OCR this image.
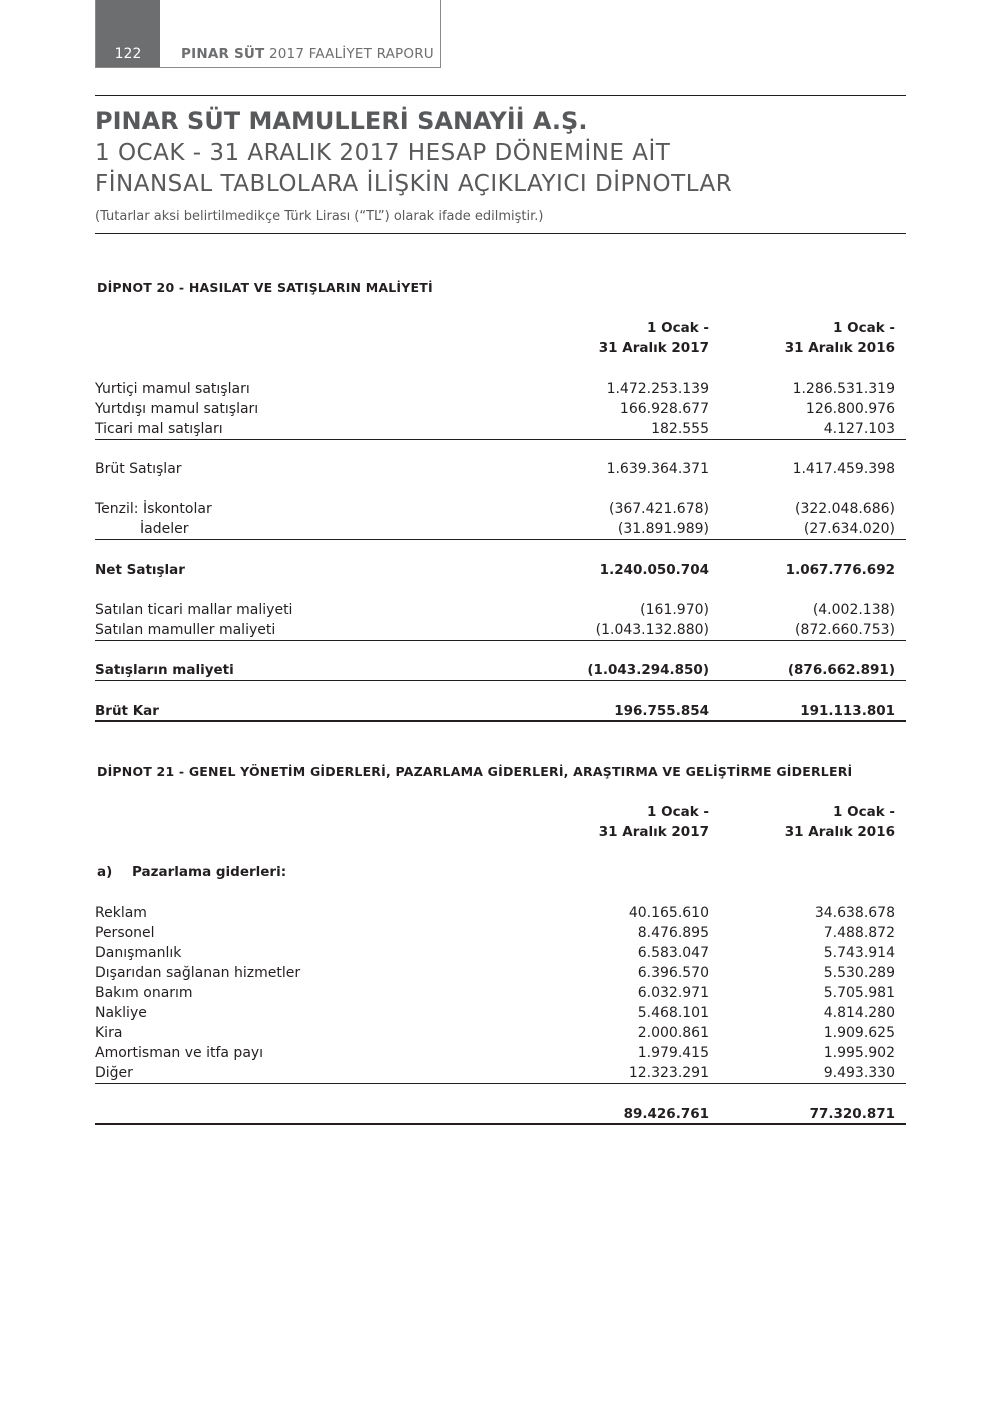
122	PINAR SÜT 2017 FAALİYET RAPORU
PINAR SÜT MAMULLERİ SANAYİİ A.Ş.
1 OCAK - 31 ARALIK 2017 HESAP DÖNEMİNE AİT
FİNANSAL TABLOLARA İLİŞKİN AÇIKLAYICI DİPNOTLAR
(Tutarlar aksi belirtilmedikçe Türk Lirası (“TL”) olarak ifade edilmiştir.)
DİPNOT 20 - HASILAT VE SATIŞLARIN MALİYETİ
1 Ocak -
31 Aralık 2017
1 Ocak -
31 Aralık 2016
Yurtiçi mamul satışları	1.472.253.139	1.286.531.319
Yurtdışı mamul satışları	166.928.677	126.800.976
Ticari mal satışları	182.555	4.127.103
Brüt Satışlar	1.639.364.371	1.417.459.398
Tenzil: İskontolar	(367.421.678)	(322.048.686)
İadeler	(31.891.989)	(27.634.020)
Net Satışlar	1.240.050.704	1.067.776.692
Satılan ticari mallar maliyeti	(161.970)	(4.002.138)
Satılan mamuller maliyeti	(1.043.132.880)	(872.660.753)
Satışların maliyeti	(1.043.294.850)	(876.662.891)
Brüt Kar	196.755.854	191.113.801
DİPNOT 21 - GENEL YÖNETİM GİDERLERİ, PAZARLAMA GİDERLERİ, ARAŞTIRMA VE GELİŞTİRME GİDERLERİ
1 Ocak -
31 Aralık 2017
1 Ocak -
31 Aralık 2016
a) Pazarlama giderleri:
Reklam	40.165.610	34.638.678
Personel	8.476.895	7.488.872
Danışmanlık	6.583.047	5.743.914
Dışarıdan sağlanan hizmetler	6.396.570	5.530.289
Bakım onarım	6.032.971	5.705.981
Nakliye	5.468.101	4.814.280
Kira	2.000.861	1.909.625
Amortisman ve itfa payı	1.979.415	1.995.902
Diğer	12.323.291	9.493.330
89.426.761	77.320.871
